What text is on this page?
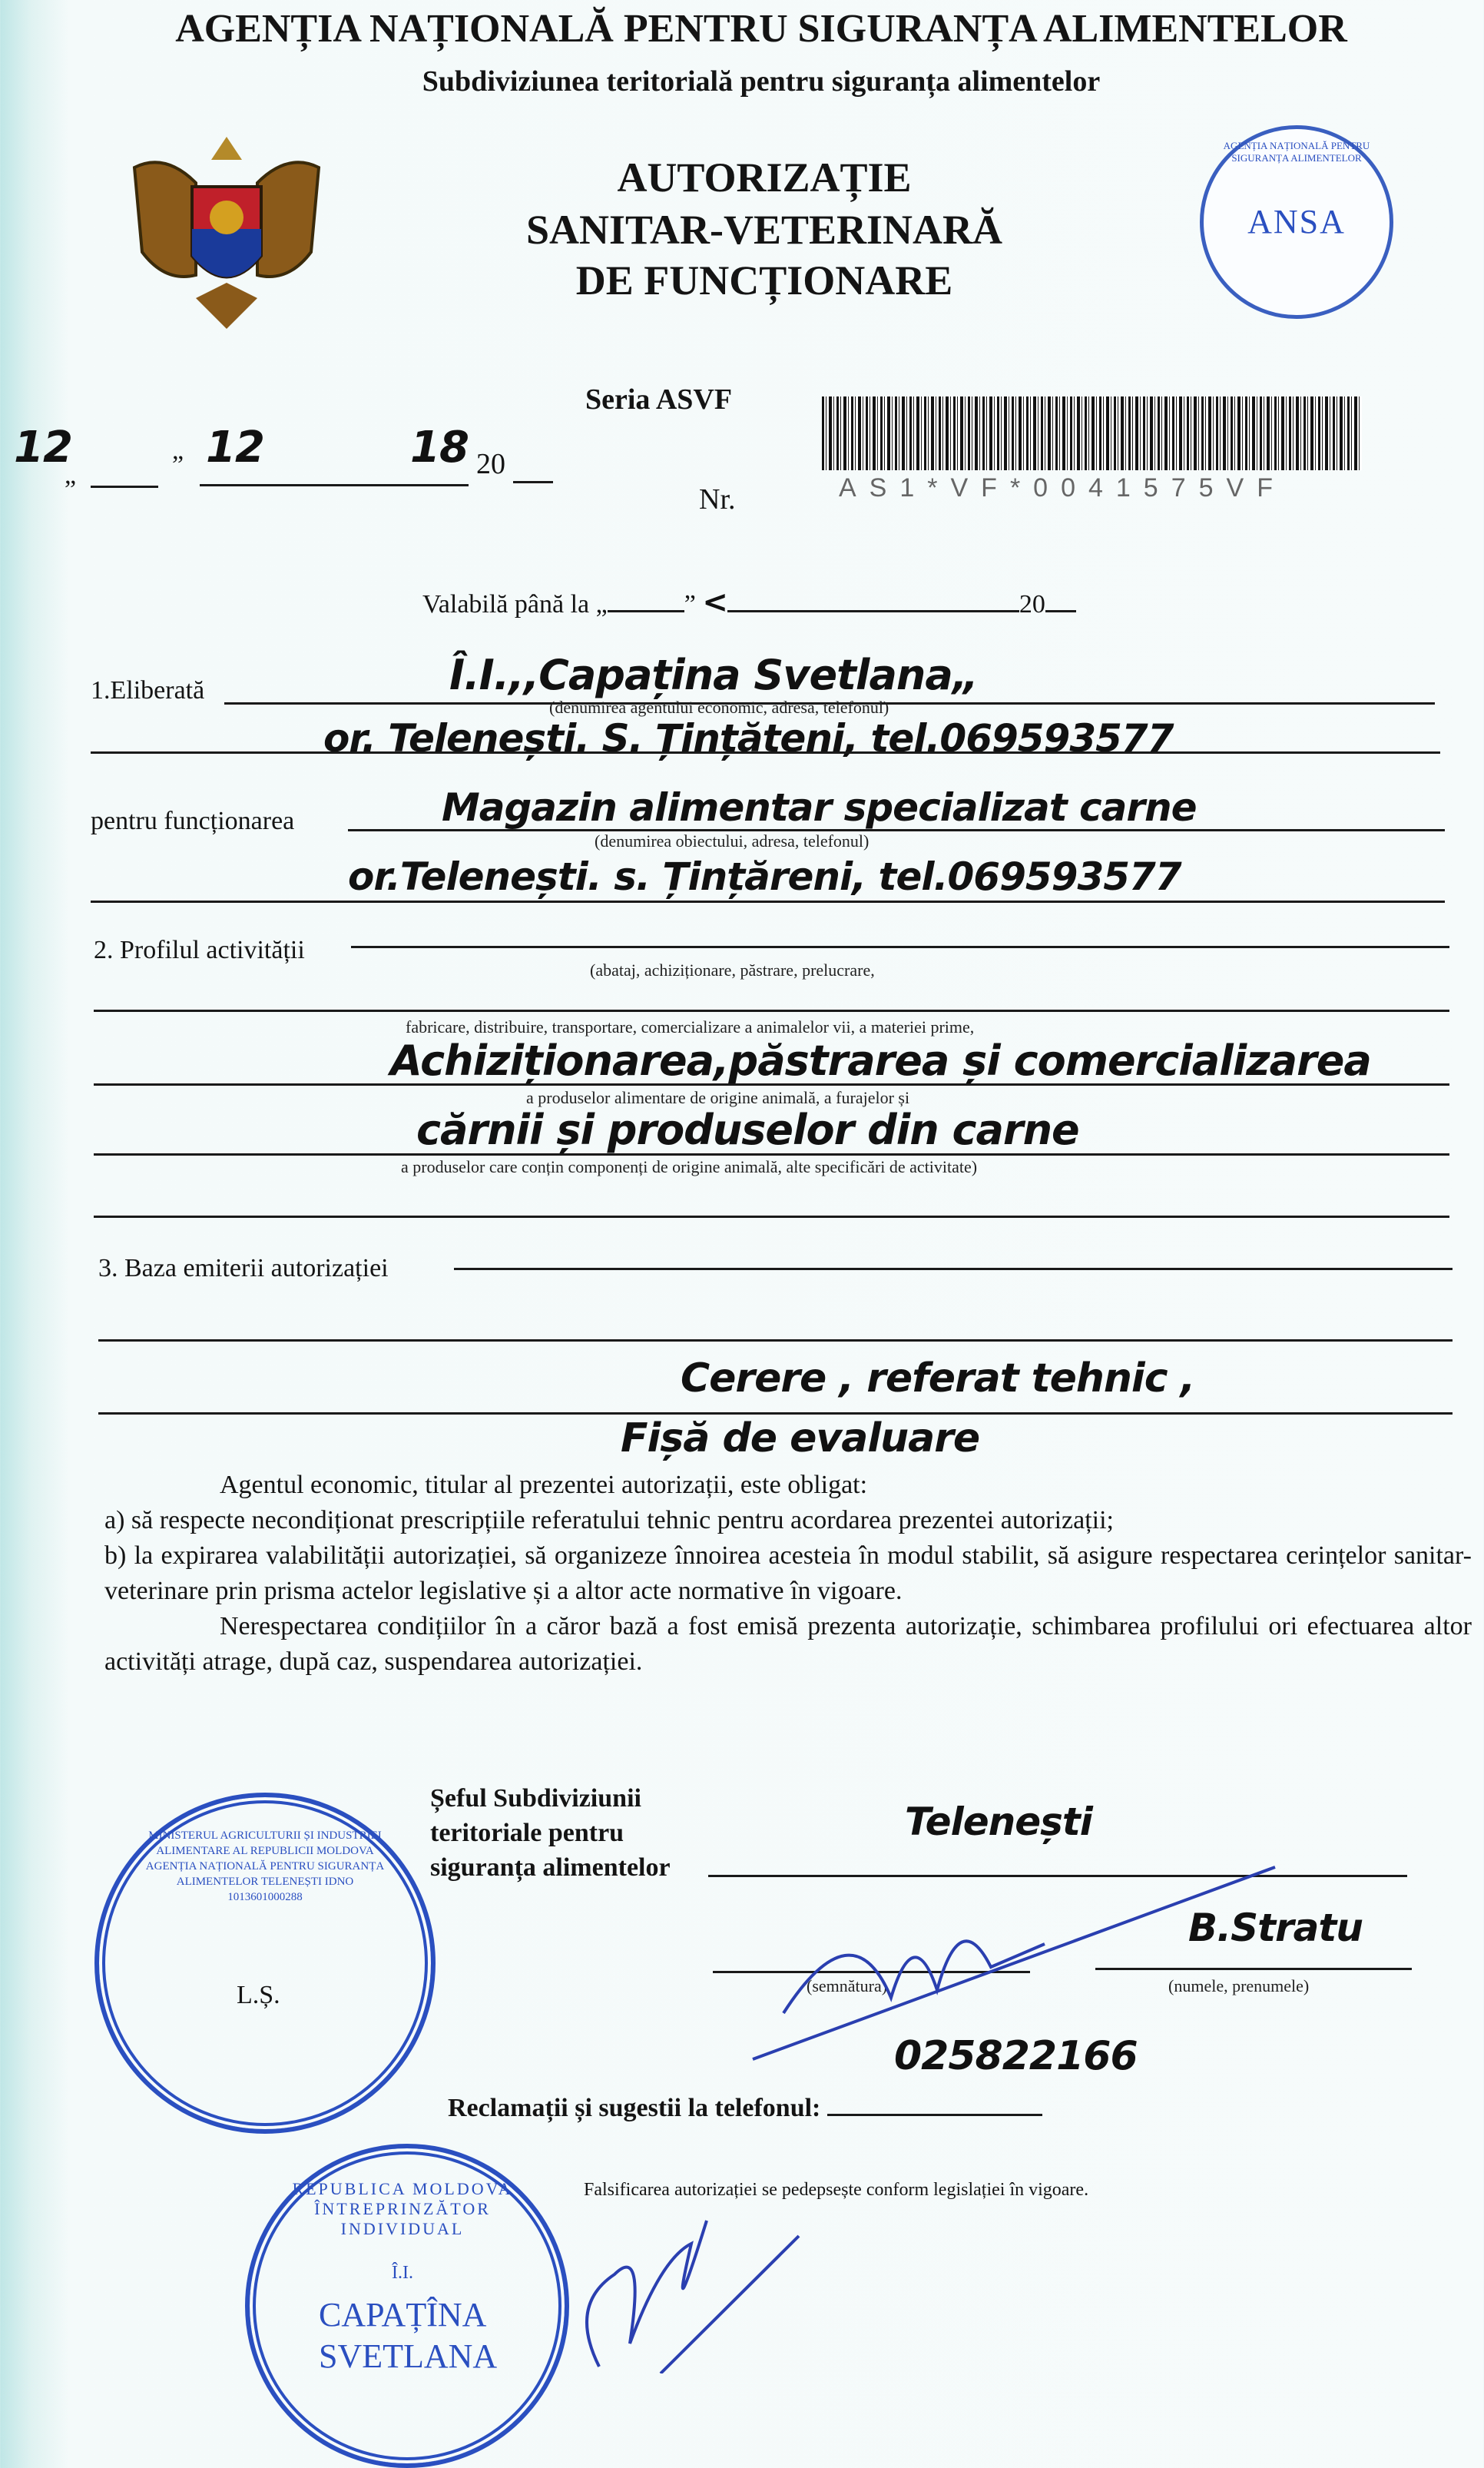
AGENȚIA NAȚIONALĂ PENTRU SIGURANȚA ALIMENTELOR
Subdiviziunea teritorială pentru siguranța alimentelor
AUTORIZAȚIE
SANITAR-VETERINARĂ
DE FUNCȚIONARE
AGENȚIA NAȚIONALĂ PENTRU SIGURANȚA ALIMENTELOR
ANSA
Seria ASVF
12
„
„ 12	18 20
Nr.	AS1*VF*0041575VF
Valabilă până la „	” <	20
1.Eliberată	Î.I.,,Capațina Svetlana„
(denumirea agentului economic, adresa, telefonul)
or. Telenești. S. Țințăteni, tel.069593577
pentru funcționarea	Magazin alimentar specializat carne
(denumirea obiectului, adresa, telefonul)
or.Telenești. s. Țințăreni, tel.069593577
2. Profilul activității
(abataj, achiziționare, păstrare, prelucrare,
fabricare, distribuire, transportare, comercializare a animalelor vii, a materiei prime,
Achiziționarea,păstrarea și comercializarea
a produselor alimentare de origine animală, a furajelor și
cărnii și produselor din carne
a produselor care conțin componenți de origine animală, alte specificări de activitate)
3. Baza emiterii autorizației
Cerere , referat tehnic ,
Fișă de evaluare
Agentul economic, titular al prezentei autorizații, este obligat:
a) să respecte necondiționat prescripțiile referatului tehnic pentru acordarea prezentei autorizații;
b) la expirarea valabilității autorizației, să organizeze înnoirea acesteia în modul stabilit, să asigure respectarea cerințelor sanitar-veterinare prin prisma actelor legislative și a altor acte normative în vigoare.
Nerespectarea condițiilor în a căror bază a fost emisă prezenta autorizație, schimbarea profilului ori efectuarea altor activități atrage, după caz, suspendarea autorizației.
MINISTERUL AGRICULTURII ȘI INDUSTRIEI ALIMENTARE AL REPUBLICII MOLDOVA AGENȚIA NAȚIONALĂ PENTRU SIGURANȚA ALIMENTELOR TELENEȘTI IDNO 1013601000288
L.Ș.
REPUBLICA MOLDOVA ÎNTREPRINZĂTOR INDIVIDUAL
Î.I.
CAPAȚÎNA SVETLANA
Șeful Subdiviziunii
teritoriale pentru
siguranța alimentelor
Telenești
B.Stratu
(semnătura)	(numele, prenumele)
025822166
Reclamații și sugestii la telefonul:
Falsificarea autorizației se pedepsește conform legislației în vigoare.
